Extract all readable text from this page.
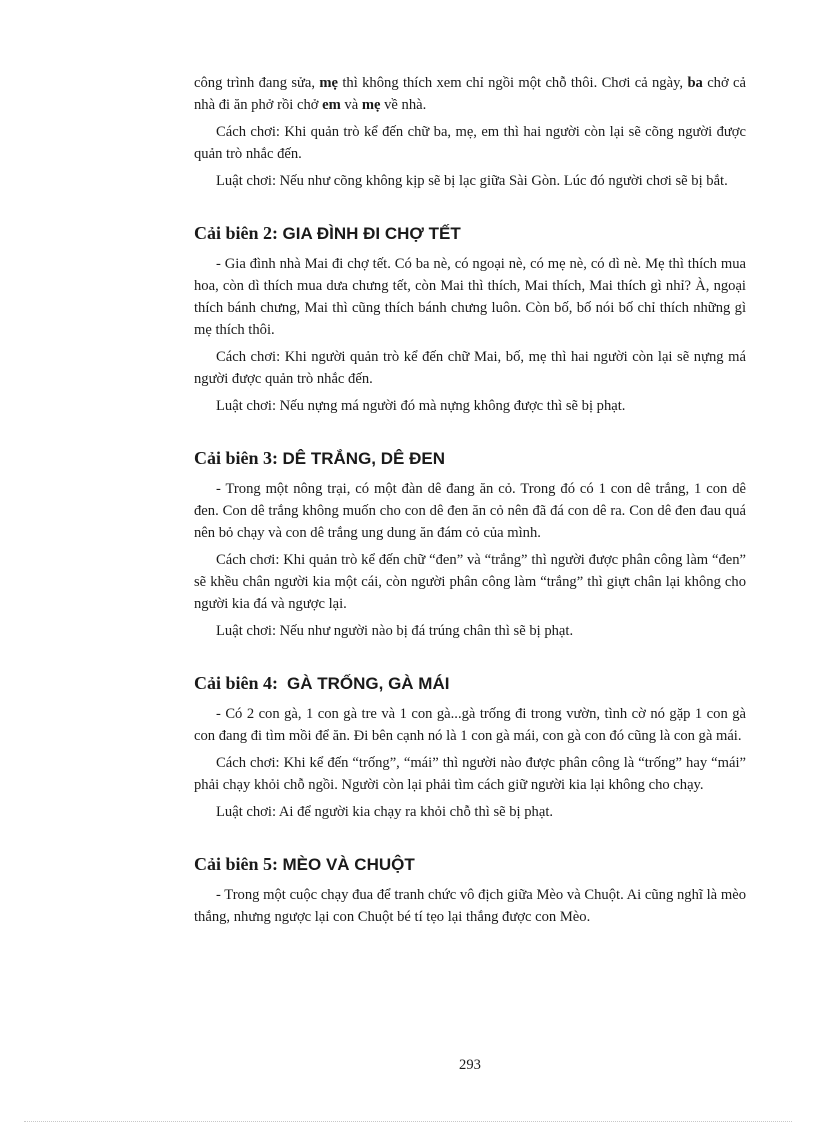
công trình đang sửa, mẹ thì không thích xem chỉ ngồi một chỗ thôi. Chơi cả ngày, ba chở cả nhà đi ăn phở rồi chở em và mẹ về nhà.

Cách chơi: Khi quản trò kể đến chữ ba, mẹ, em thì hai người còn lại sẽ cõng người được quản trò nhắc đến.

Luật chơi: Nếu như cõng không kịp sẽ bị lạc giữa Sài Gòn. Lúc đó người chơi sẽ bị bắt.

Cải biên 2: GIA ĐÌNH ĐI CHỢ TẾT

- Gia đình nhà Mai đi chợ tết. Có ba nè, có ngoại nè, có mẹ nè, có dì nè. Mẹ thì thích mua hoa, còn dì thích mua dưa chưng tết, còn Mai thì thích, Mai thích, Mai thích gì nhỉ? À, ngoại thích bánh chưng, Mai thì cũng thích bánh chưng luôn. Còn bố, bố nói bố chỉ thích những gì mẹ thích thôi.

Cách chơi: Khi người quản trò kể đến chữ Mai, bố, mẹ thì hai người còn lại sẽ nựng má người được quản trò nhắc đến.

Luật chơi: Nếu nựng má người đó mà nựng không được thì sẽ bị phạt.

Cải biên 3: DÊ TRẮNG, DÊ ĐEN

- Trong một nông trại, có một đàn dê đang ăn cỏ. Trong đó có 1 con dê trắng, 1 con dê đen. Con dê trắng không muốn cho con dê đen ăn cỏ nên đã đá con dê ra. Con dê đen đau quá nên bỏ chạy và con dê trắng ung dung ăn đám cỏ của mình.

Cách chơi: Khi quản trò kể đến chữ “đen” và “trắng” thì người được phân công làm “đen” sẽ khều chân người kia một cái, còn người phân công làm “trắng” thì giựt chân lại không cho người kia đá và ngược lại.

Luật chơi: Nếu như người nào bị đá trúng chân thì sẽ bị phạt.

Cải biên 4:  GÀ TRỐNG, GÀ MÁI

- Có 2 con gà, 1 con gà tre và 1 con gà...gà trống đi trong vườn, tình cờ nó gặp 1 con gà con đang đi tìm mồi để ăn. Đi bên cạnh nó là 1 con gà mái, con gà con đó cũng là con gà mái.

Cách chơi: Khi kể đến “trống”, “mái” thì người nào được phân công là “trống” hay “mái” phải chạy khỏi chỗ ngồi. Người còn lại phải tìm cách giữ người kia lại không cho chạy.

Luật chơi: Ai để người kia chạy ra khỏi chỗ thì sẽ bị phạt.

Cải biên 5: MÈO VÀ CHUỘT

- Trong một cuộc chạy đua để tranh chức vô địch giữa Mèo và Chuột. Ai cũng nghĩ là mèo thắng, nhưng ngược lại con Chuột bé tí tẹo lại thắng được con Mèo.

293
